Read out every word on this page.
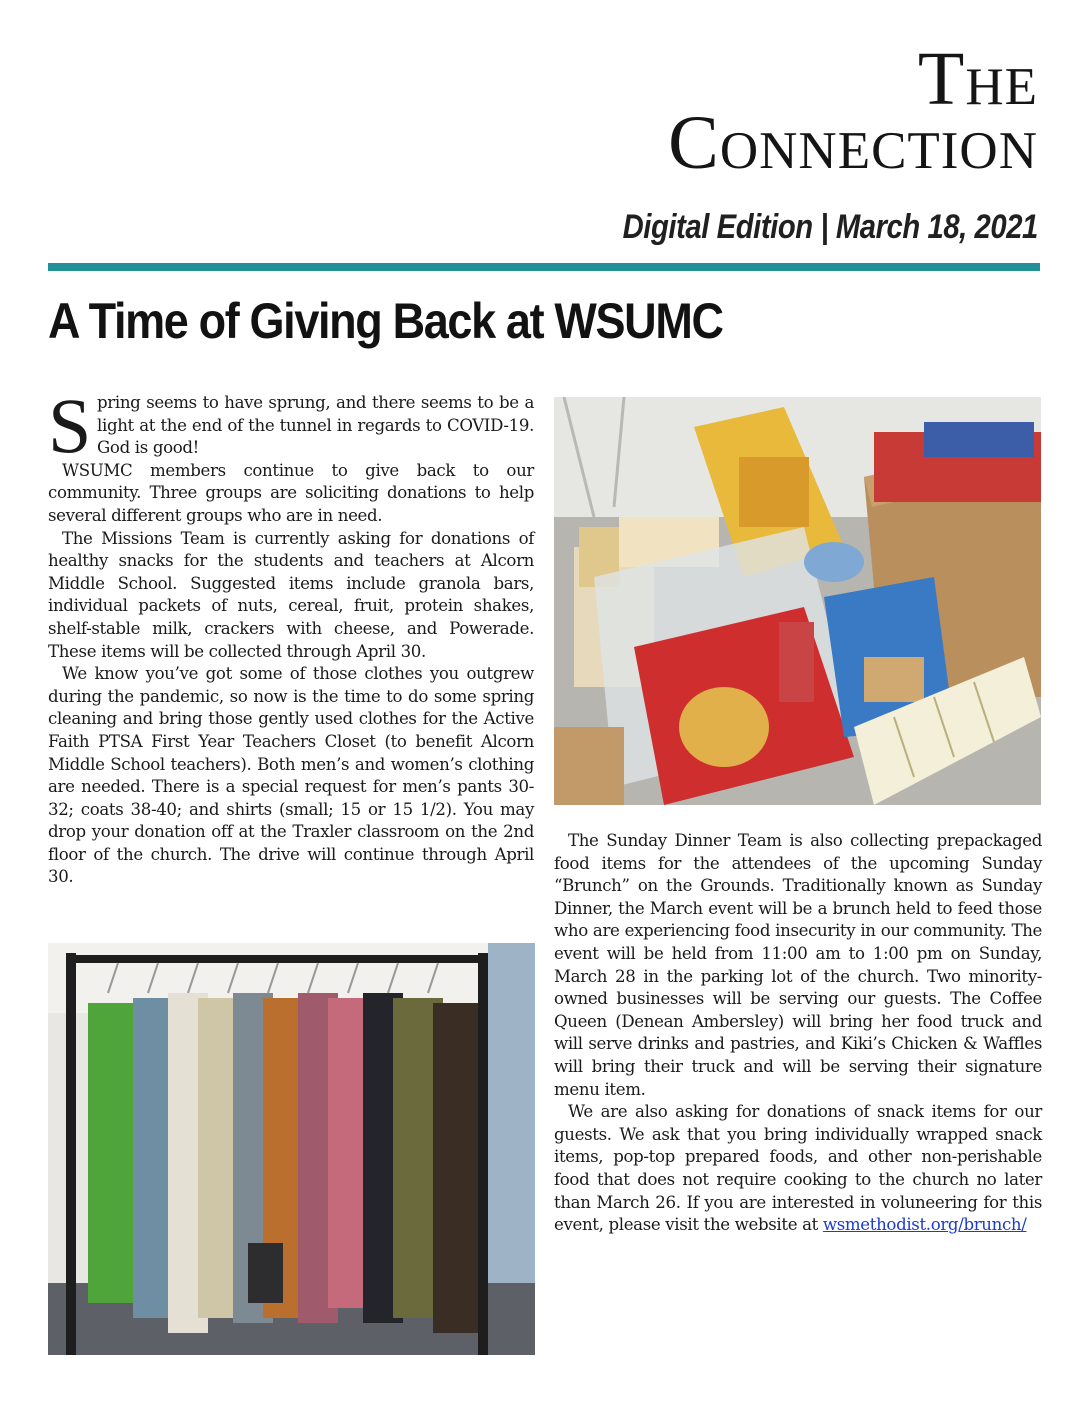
The
Connection
Digital Edition | March 18, 2021
A Time of Giving Back at WSUMC

Spring seems to have sprung, and there seems to be a light at the end of the tunnel in regards to COVID-19. God is good!

WSUMC members continue to give back to our community. Three groups are soliciting donations to help several different groups who are in need.

The Missions Team is currently asking for donations of healthy snacks for the students and teachers at Alcorn Middle School. Suggested items include granola bars, individual packets of nuts, cereal, fruit, protein shakes, shelf-stable milk, crackers with cheese, and Powerade. These items will be collected through April 30.

We know you’ve got some of those clothes you outgrew during the pandemic, so now is the time to do some spring cleaning and bring those gently used clothes for the Active Faith PTSA First Year Teachers Closet (to benefit Alcorn Middle School teachers). Both men’s and women’s clothing are needed. There is a special request for men’s pants 30-32; coats 38-40; and shirts (small; 15 or 15 1/2). You may drop your donation off at the Traxler classroom on the 2nd floor of the church. The drive will continue through April 30.

The Sunday Dinner Team is also collecting prepackaged food items for the attendees of the upcoming Sunday “Brunch” on the Grounds. Traditionally known as Sunday Dinner, the March event will be a brunch held to feed those who are experiencing food insecurity in our community. The event will be held from 11:00 am to 1:00 pm on Sunday, March 28 in the parking lot of the church. Two minority-owned businesses will be serving our guests. The Coffee Queen (Denean Ambersley) will bring her food truck and will serve drinks and pastries, and Kiki’s Chicken & Waffles will bring their truck and will be serving their signature menu item.

We are also asking for donations of snack items for our guests. We ask that you bring individually wrapped snack items, pop-top prepared foods, and other non-perishable food that does not require cooking to the church no later than March 26. If you are interested in voluneering for this event, please visit the website at wsmethodist.org/brunch/
